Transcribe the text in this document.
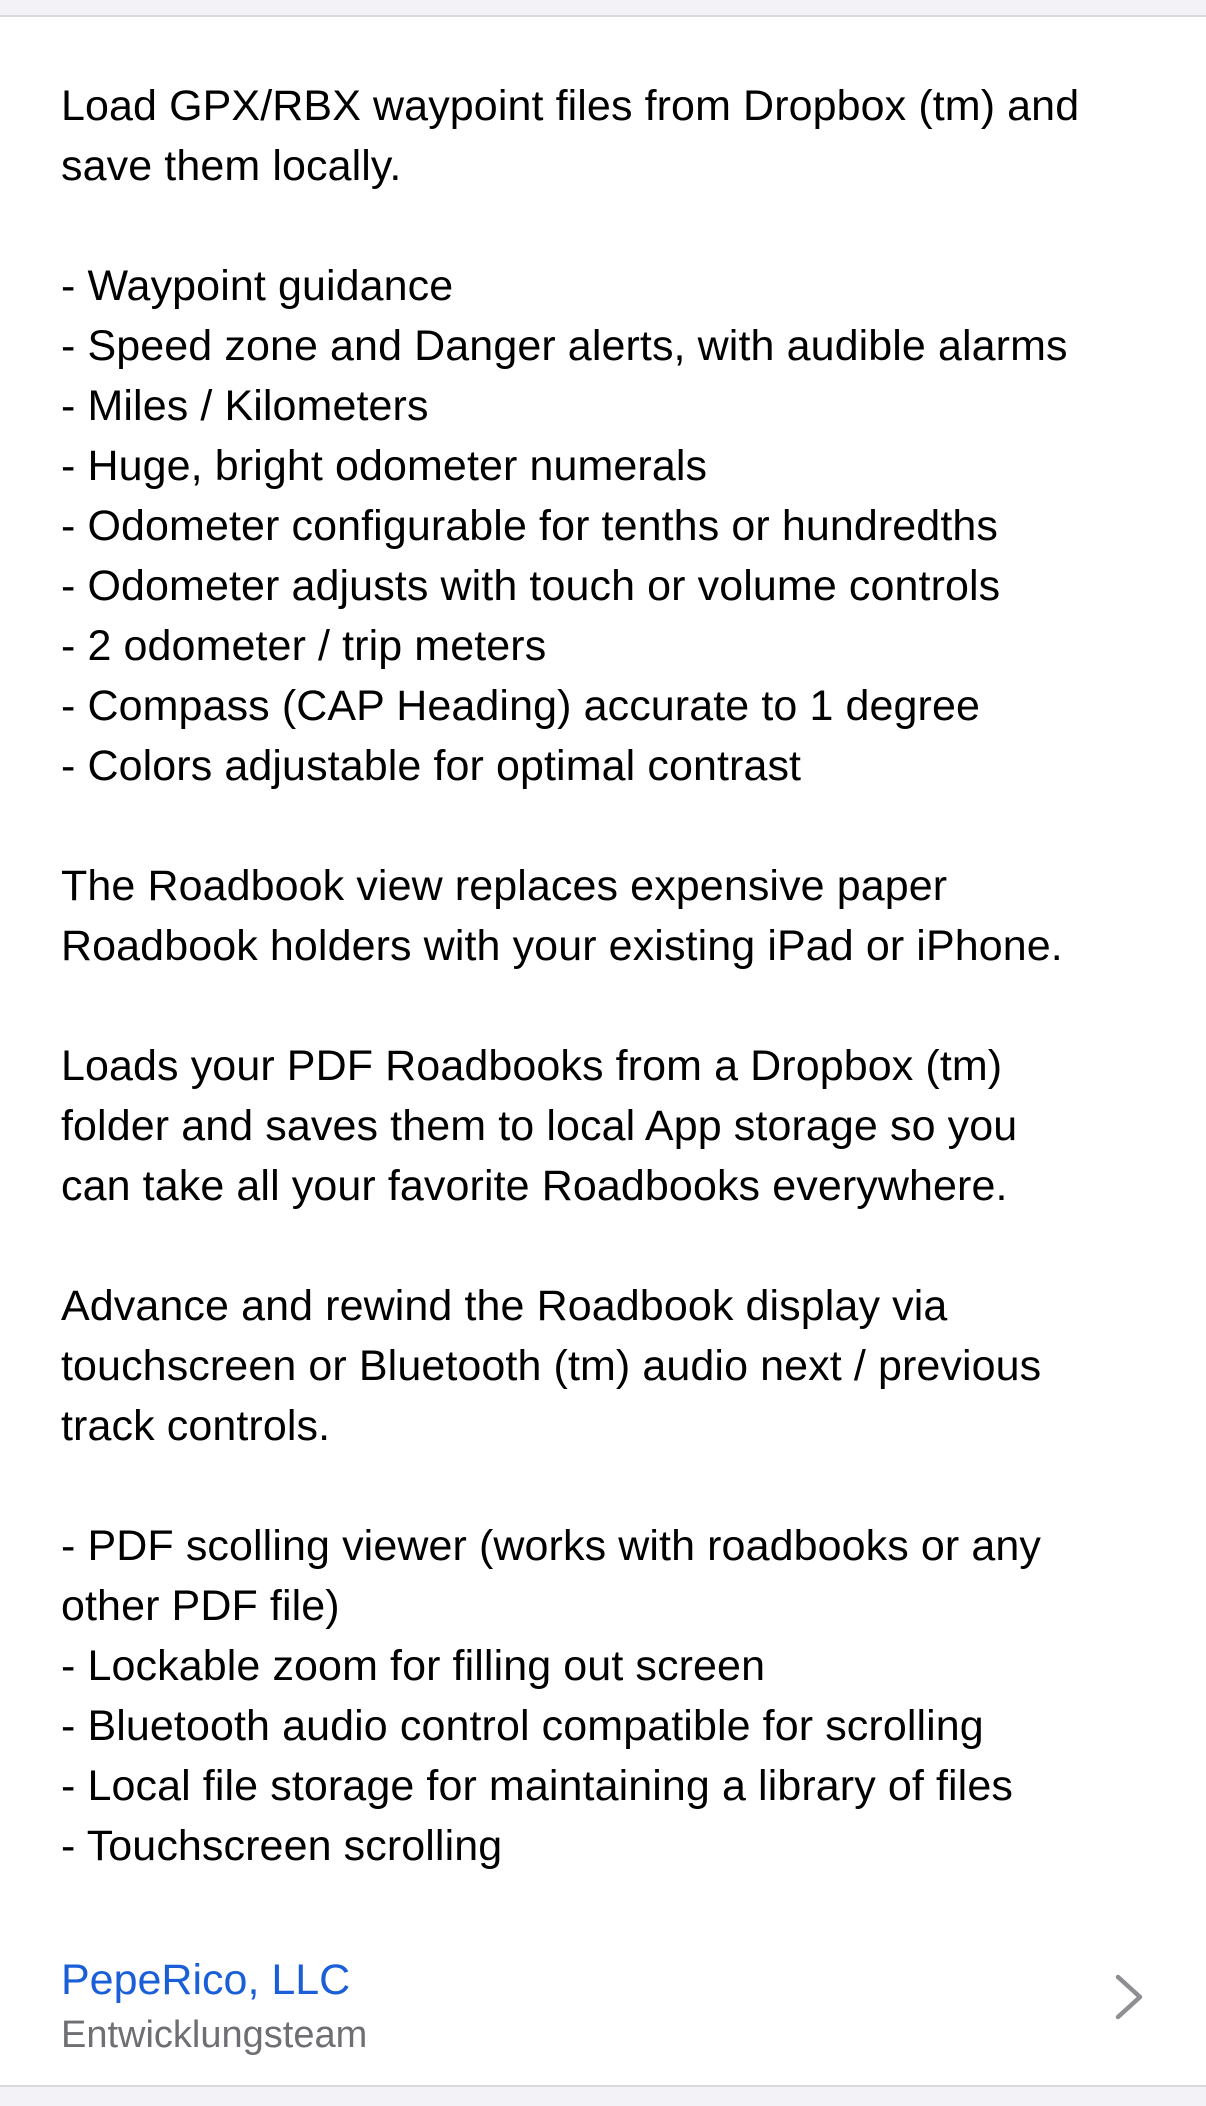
Load GPX/RBX waypoint files from Dropbox (tm) and
save them locally.

- Waypoint guidance
- Speed zone and Danger alerts, with audible alarms
- Miles / Kilometers
- Huge, bright odometer numerals
- Odometer configurable for tenths or hundredths
- Odometer adjusts with touch or volume controls
- 2 odometer / trip meters
- Compass (CAP Heading) accurate to 1 degree
- Colors adjustable for optimal contrast

The Roadbook view replaces expensive paper
Roadbook holders with your existing iPad or iPhone.

Loads your PDF Roadbooks from a Dropbox (tm)
folder and saves them to local App storage so you
can take all your favorite Roadbooks everywhere.

Advance and rewind the Roadbook display via
touchscreen or Bluetooth (tm) audio next / previous
track controls.

- PDF scolling viewer (works with roadbooks or any
other PDF file)
- Lockable zoom for filling out screen
- Bluetooth audio control compatible for scrolling
- Local file storage for maintaining a library of files
- Touchscreen scrolling
PepeRico, LLC
Entwicklungsteam
